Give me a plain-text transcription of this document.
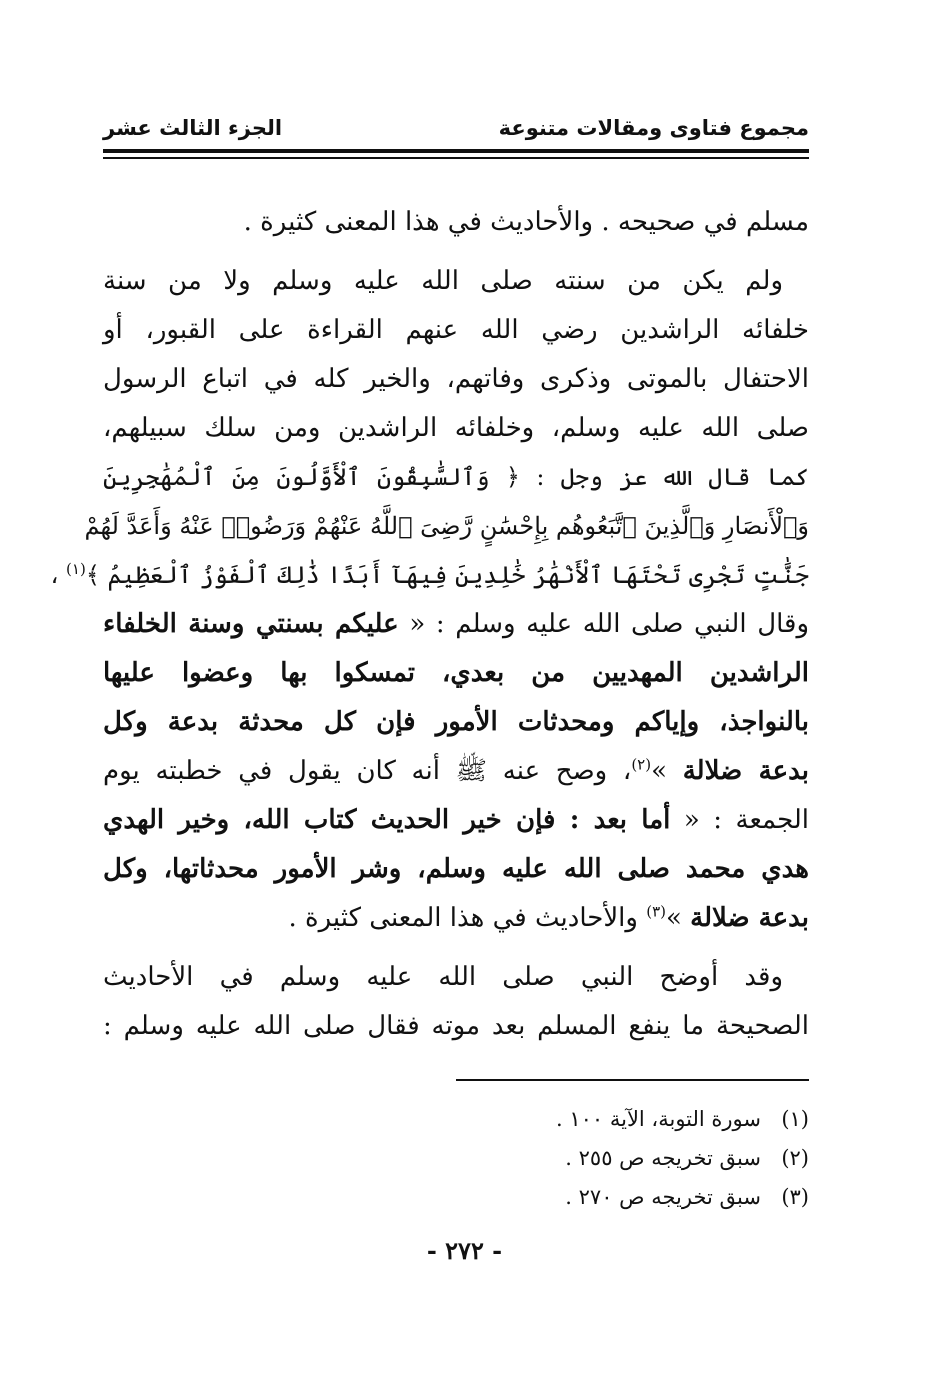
مجموع فتاوى ومقالات متنوعة
الجزء الثالث عشر
مسلم في صحيحه . والأحاديث في هذا المعنى كثيرة .
ولم يكن من سنته صلى الله عليه وسلم ولا من سنة
خلفائه الراشدين رضي الله عنهم القراءة على القبور، أو
الاحتفال بالموتى وذكرى وفاتهم، والخير كله في اتباع الرسول
صلى الله عليه وسلم، وخلفائه الراشدين ومن سلك سبيلهم،
كما قال الله عز وجل : ﴿ وَٱلسَّٰبِقُونَ ٱلْأَوَّلُونَ مِنَ ٱلْمُهَٰجِرِينَ
وَٱلْأَنصَارِ وَٱلَّذِينَ ٱتَّبَعُوهُم بِإِحْسَٰنٍ رَّضِىَ ٱللَّهُ عَنْهُمْ وَرَضُوا۟ عَنْهُ وَأَعَدَّ لَهُمْ
جَنَّٰتٍ تَجْرِى تَحْتَهَا ٱلْأَنْهَٰرُ خَٰلِدِينَ فِيهَآ أَبَدًا ذَٰلِكَ ٱلْفَوْزُ ٱلْعَظِيمُ ﴾$^{(١)}$ ،
وقال النبي صلى الله عليه وسلم : « عليكم بسنتي وسنة الخلفاء
الراشدين المهديين من بعدي، تمسكوا بها وعضوا عليها
بالنواجذ، وإياكم ومحدثات الأمور فإن كل محدثة بدعة وكل
بدعة ضلالة »$^{(٢)}$، وصح عنه ﷺ أنه كان يقول في خطبته يوم
الجمعة : « أما بعد : فإن خير الحديث كتاب الله، وخير الهدي
هدي محمد صلى الله عليه وسلم، وشر الأمور محدثاتها، وكل
بدعة ضلالة »$^{(٣)}$ والأحاديث في هذا المعنى كثيرة .
وقد أوضح النبي صلى الله عليه وسلم في الأحاديث
الصحيحة ما ينفع المسلم بعد موته فقال صلى الله عليه وسلم :
(١)سورة التوبة، الآية ١٠٠ .
(٢)سبق تخريجه ص ٢٥٥ .
(٣)سبق تخريجه ص ٢٧٠ .
- ٢٧٢ -
